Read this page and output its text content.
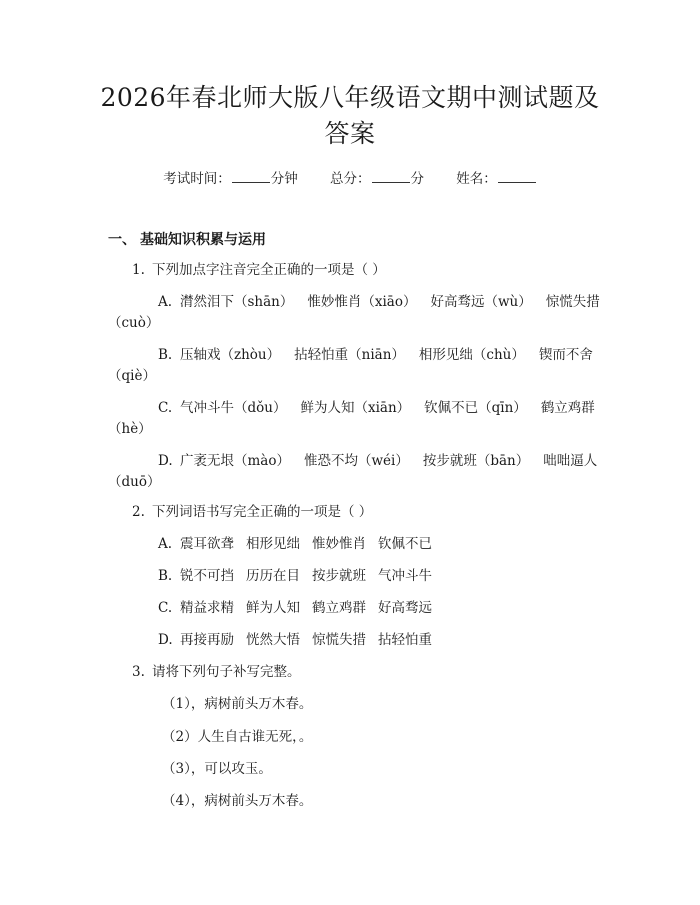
2026年春北师大版八年级语文期中测试题及
答案
考试时间：	分钟 总分：	分 姓名：
一、 基础知识积累与运用
1. 下列加点字注音完全正确的一项是（ ）
A. 潸然泪下（shān） 惟妙惟肖（xiāo） 好高骛远（wù） 惊慌失措
（cuò）
B. 压轴戏（zhòu） 拈轻怕重（niān） 相形见绌（chù） 锲而不舍
（qiè）
C. 气冲斗牛（dǒu） 鲜为人知（xiān） 钦佩不已（qīn） 鹤立鸡群
（hè）
D. 广袤无垠（mào） 惟恐不均（wéi） 按步就班（bān） 咄咄逼人
（duō）
2. 下列词语书写完全正确的一项是（ ）
A. 震耳欲聋 相形见绌 惟妙惟肖 钦佩不已
B. 锐不可挡 历历在目 按步就班 气冲斗牛
C. 精益求精 鲜为人知 鹤立鸡群 好高骛远
D. 再接再励 恍然大悟 惊慌失措 拈轻怕重
3. 请将下列句子补写完整。
（1），病树前头万木春。
（2）人生自古谁无死，。
（3），可以攻玉。
（4），病树前头万木春。
